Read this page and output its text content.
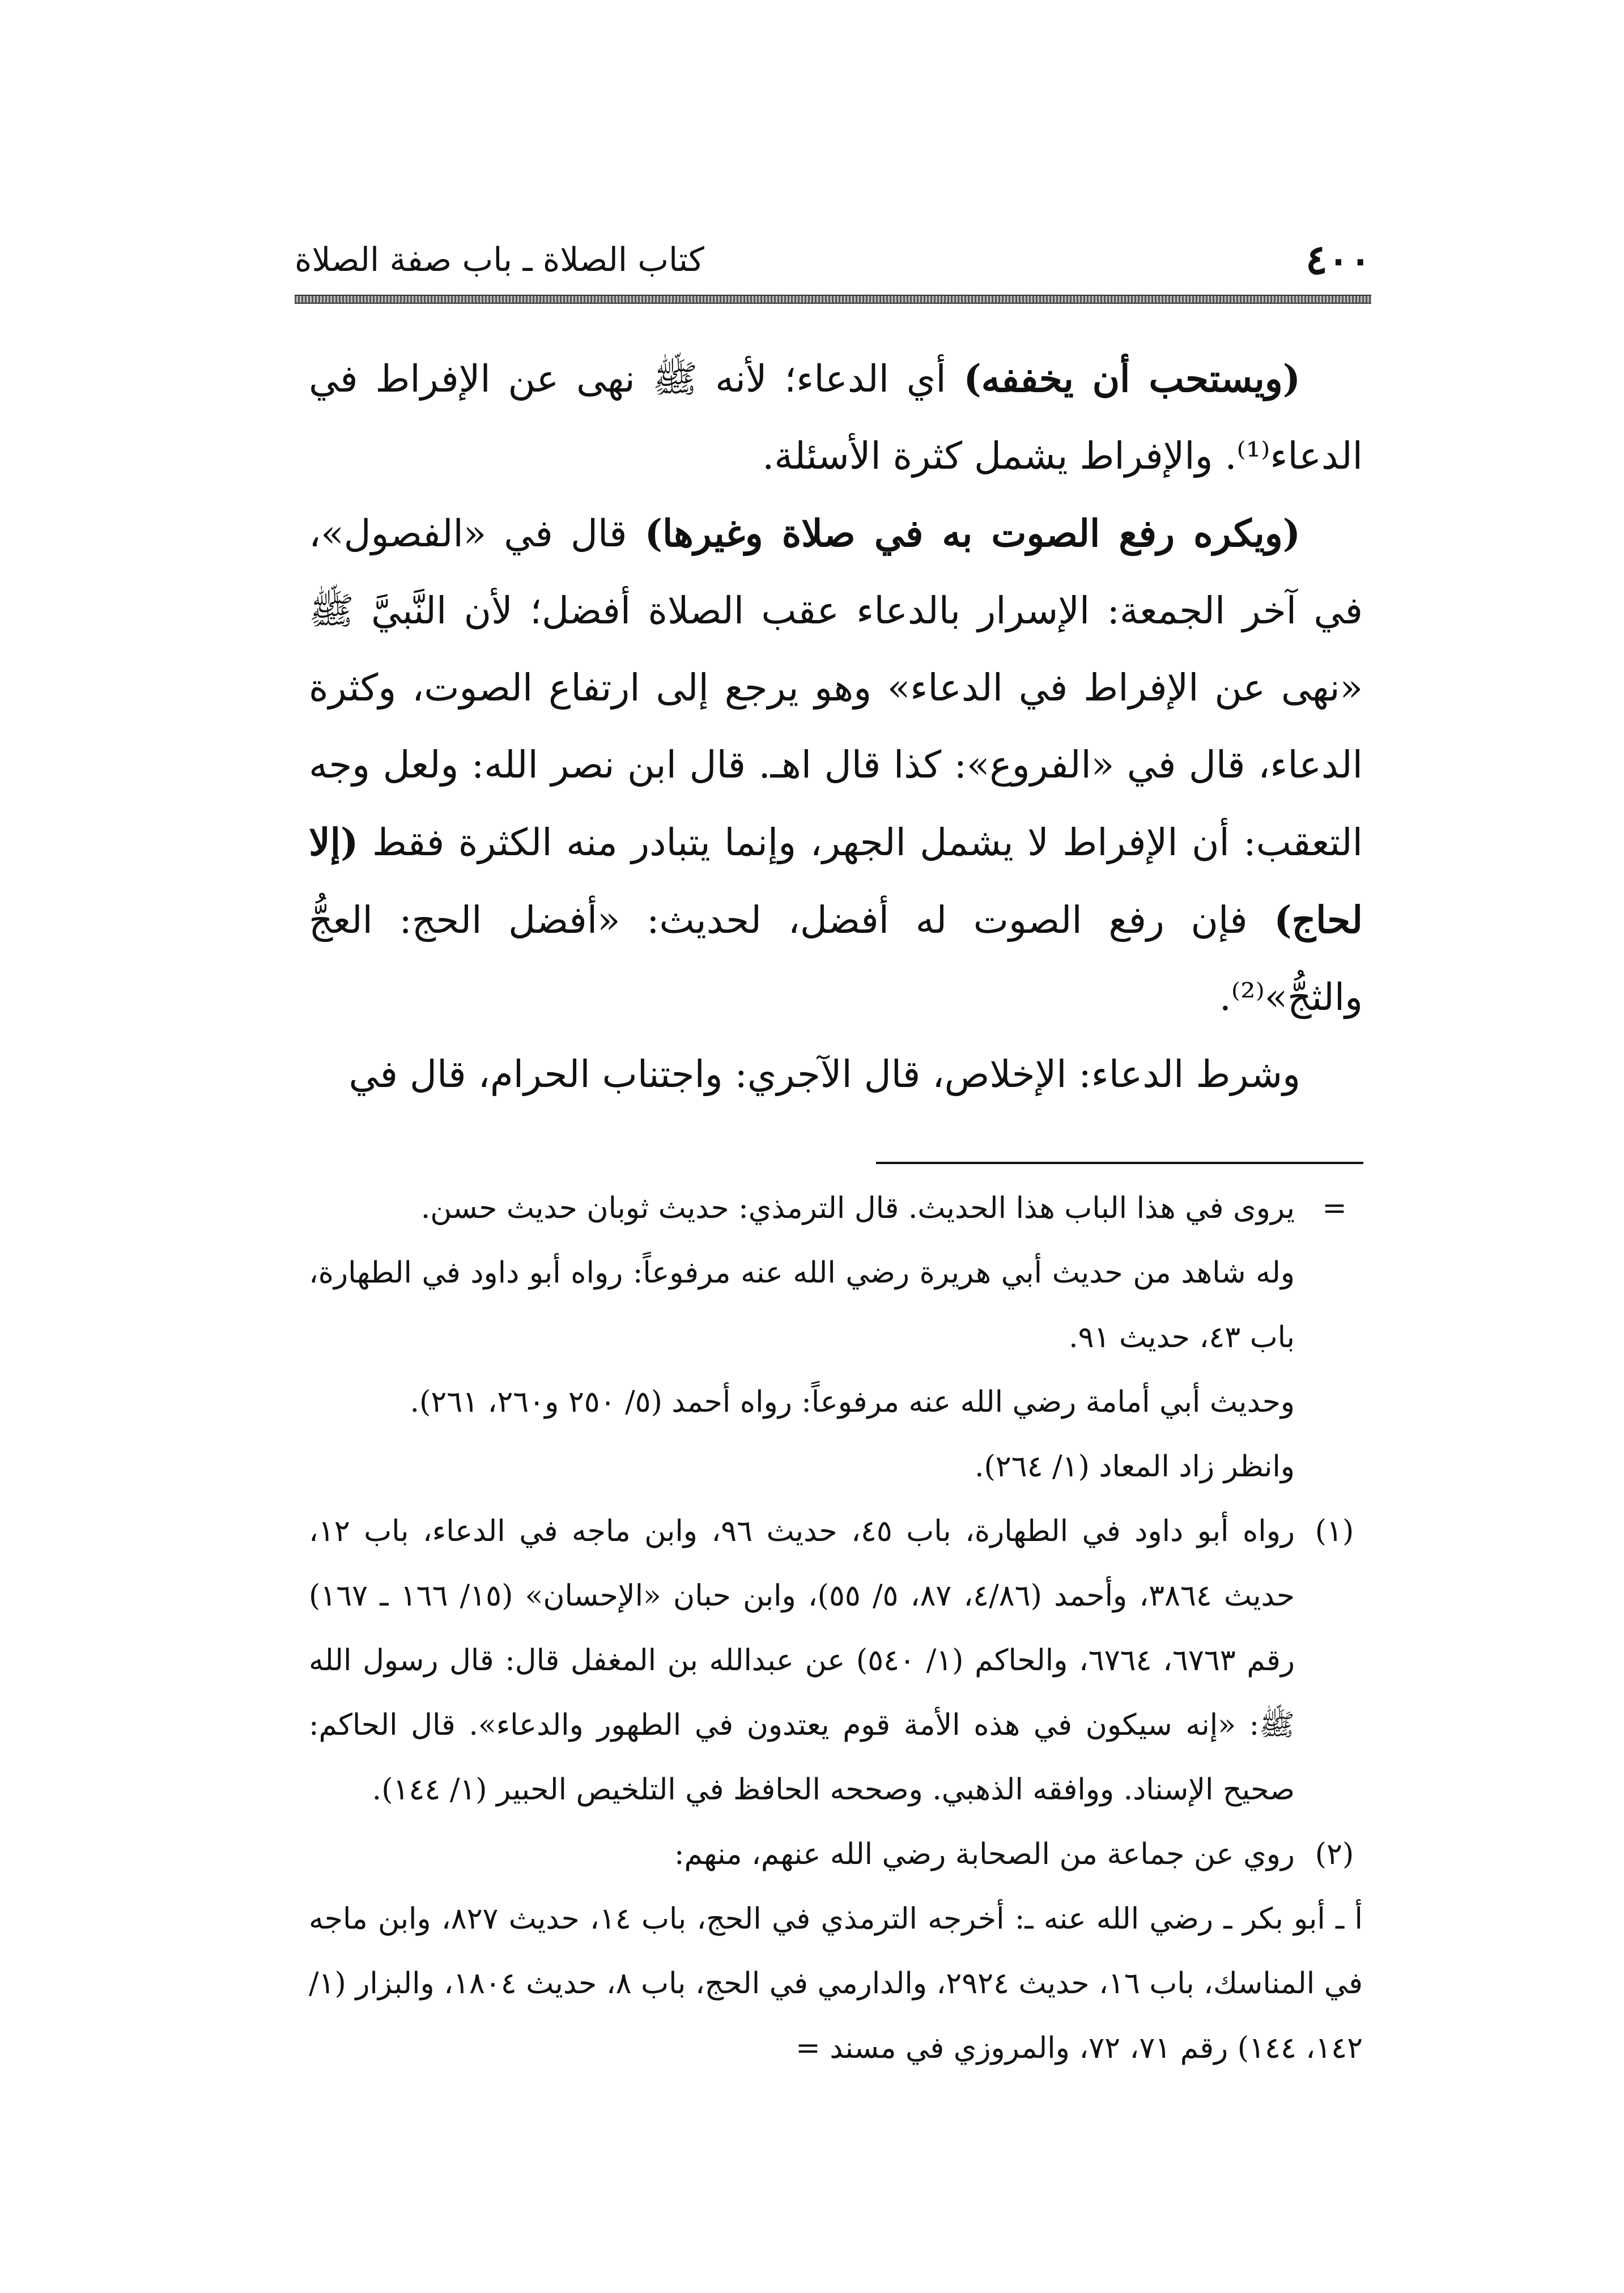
٤٠٠
كتاب الصلاة ـ باب صفة الصلاة

(ويستحب أن يخففه) أي الدعاء؛ لأنه ﷺ نهى عن الإفراط في الدعاء⁽¹⁾. والإفراط يشمل كثرة الأسئلة.

(ويكره رفع الصوت به في صلاة وغيرها) قال في «الفصول»، في آخر الجمعة: الإسرار بالدعاء عقب الصلاة أفضل؛ لأن النَّبيَّ ﷺ «نهى عن الإفراط في الدعاء» وهو يرجع إلى ارتفاع الصوت، وكثرة الدعاء، قال في «الفروع»: كذا قال اهـ. قال ابن نصر الله: ولعل وجه التعقب: أن الإفراط لا يشمل الجهر، وإنما يتبادر منه الكثرة فقط (إلا لحاج) فإن رفع الصوت له أفضل، لحديث: «أفضل الحج: العجُّ والثجُّ»⁽²⁾.

وشرط الدعاء: الإخلاص، قال الآجري: واجتناب الحرام، قال في

=

يروى في هذا الباب هذا الحديث. قال الترمذي: حديث ثوبان حديث حسن.

وله شاهد من حديث أبي هريرة رضي الله عنه مرفوعاً: رواه أبو داود في الطهارة، باب ٤٣، حديث ٩١.

وحديث أبي أمامة رضي الله عنه مرفوعاً: رواه أحمد (٥/ ٢٥٠ و٢٦٠، ٢٦١).

وانظر زاد المعاد (١/ ٢٦٤).

(١)

رواه أبو داود في الطهارة، باب ٤٥، حديث ٩٦، وابن ماجه في الدعاء، باب ١٢، حديث ٣٨٦٤، وأحمد (٤/٨٦، ٨٧، ٥/ ٥٥)، وابن حبان «الإحسان» (١٥/ ١٦٦ ـ ١٦٧) رقم ٦٧٦٣، ٦٧٦٤، والحاكم (١/ ٥٤٠) عن عبدالله بن المغفل قال: قال رسول الله ﷺ: «إنه سيكون في هذه الأمة قوم يعتدون في الطهور والدعاء». قال الحاكم: صحيح الإسناد. ووافقه الذهبي. وصححه الحافظ في التلخيص الحبير (١/ ١٤٤).

(٢)

روي عن جماعة من الصحابة رضي الله عنهم، منهم:

أ ـ أبو بكر ـ رضي الله عنه ـ: أخرجه الترمذي في الحج، باب ١٤، حديث ٨٢٧، وابن ماجه في المناسك، باب ١٦، حديث ٢٩٢٤، والدارمي في الحج، باب ٨، حديث ١٨٠٤، والبزار (١/ ١٤٢، ١٤٤) رقم ٧١، ٧٢، والمروزي في مسند =
